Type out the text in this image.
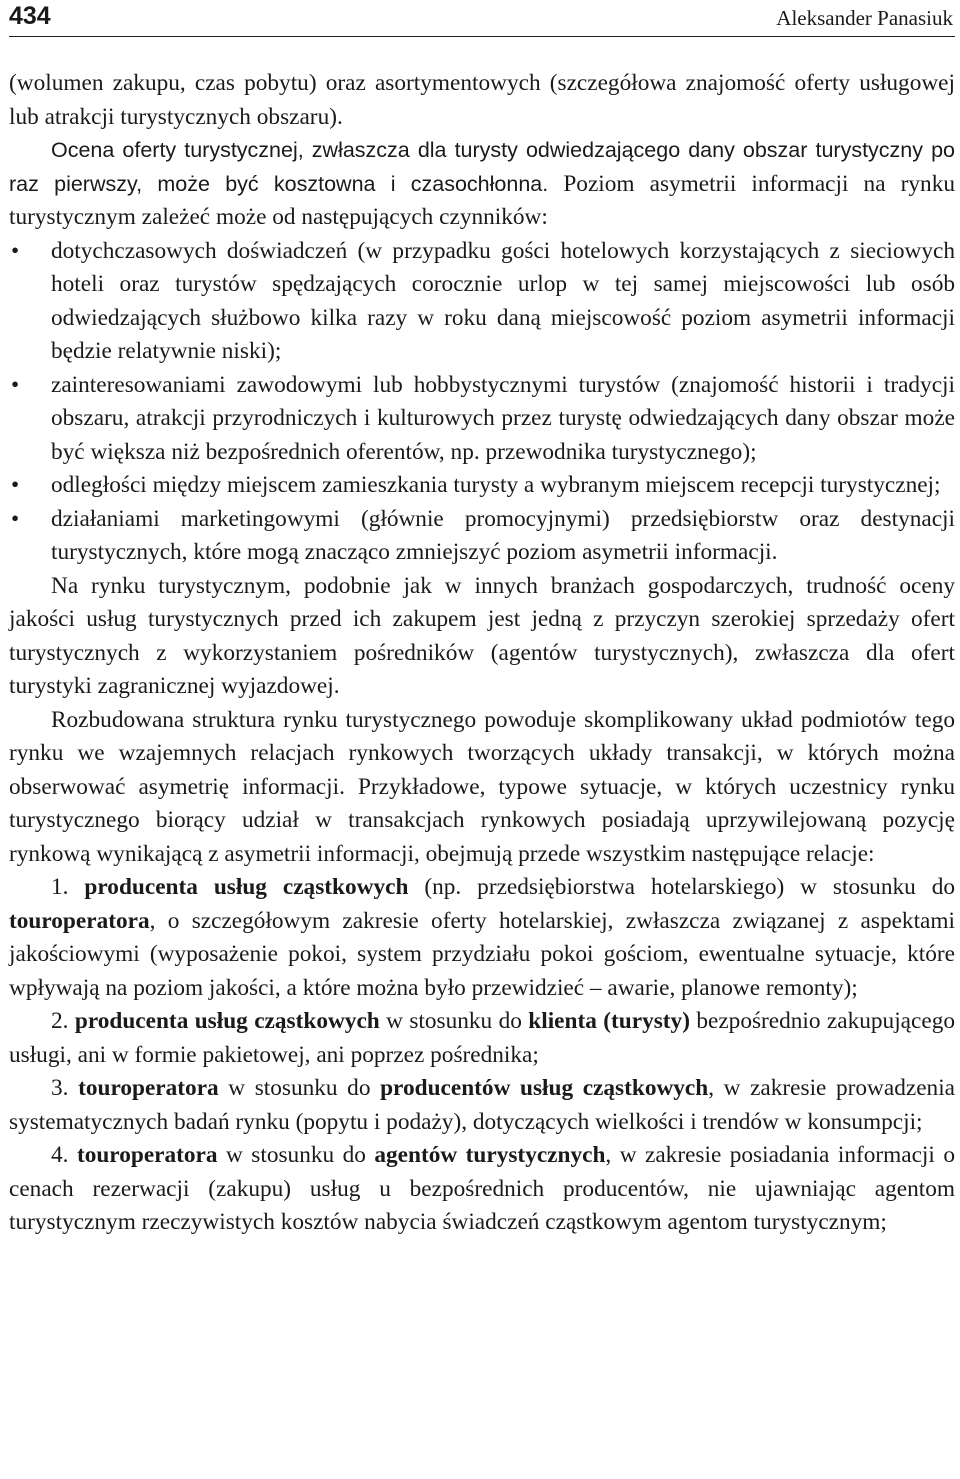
434	Aleksander Panasiuk

(wolumen zakupu, czas pobytu) oraz asortymentowych (szczegółowa znajomość oferty usługowej lub atrakcji turystycznych obszaru).

Ocena oferty turystycznej, zwłaszcza dla turysty odwiedzającego dany obszar turystyczny po raz pierwszy, może być kosztowna i czasochłonna. Poziom asymetrii informacji na rynku turystycznym zależeć może od następujących czynników:

• dotychczasowych doświadczeń (w przypadku gości hotelowych korzystających z sieciowych hoteli oraz turystów spędzających corocznie urlop w tej samej miejscowości lub osób odwiedzających służbowo kilka razy w roku daną miejscowość poziom asymetrii informacji będzie relatywnie niski);
• zainteresowaniami zawodowymi lub hobbystycznymi turystów (znajomość historii i tradycji obszaru, atrakcji przyrodniczych i kulturowych przez turystę odwiedzających dany obszar może być większa niż bezpośrednich oferentów, np. przewodnika turystycznego);
• odległości między miejscem zamieszkania turysty a wybranym miejscem recepcji turystycznej;
• działaniami marketingowymi (głównie promocyjnymi) przedsiębiorstw oraz destynacji turystycznych, które mogą znacząco zmniejszyć poziom asymetrii informacji.

Na rynku turystycznym, podobnie jak w innych branżach gospodarczych, trudność oceny jakości usług turystycznych przed ich zakupem jest jedną z przyczyn szerokiej sprzedaży ofert turystycznych z wykorzystaniem pośredników (agentów turystycznych), zwłaszcza dla ofert turystyki zagranicznej wyjazdowej.

Rozbudowana struktura rynku turystycznego powoduje skomplikowany układ podmiotów tego rynku we wzajemnych relacjach rynkowych tworzących układy transakcji, w których można obserwować asymetrię informacji. Przykładowe, typowe sytuacje, w których uczestnicy rynku turystycznego biorący udział w transakcjach rynkowych posiadają uprzywilejowaną pozycję rynkową wynikającą z asymetrii informacji, obejmują przede wszystkim następujące relacje:

1. producenta usług cząstkowych (np. przedsiębiorstwa hotelarskiego) w stosunku do touroperatora, o szczegółowym zakresie oferty hotelarskiej, zwłaszcza związanej z aspektami jakościowymi (wyposażenie pokoi, system przydziału pokoi gościom, ewentualne sytuacje, które wpływają na poziom jakości, a które można było przewidzieć – awarie, planowe remonty);

2. producenta usług cząstkowych w stosunku do klienta (turysty) bezpośrednio zakupującego usługi, ani w formie pakietowej, ani poprzez pośrednika;

3. touroperatora w stosunku do producentów usług cząstkowych, w zakresie prowadzenia systematycznych badań rynku (popytu i podaży), dotyczących wielkości i trendów w konsumpcji;

4. touroperatora w stosunku do agentów turystycznych, w zakresie posiadania informacji o cenach rezerwacji (zakupu) usług u bezpośrednich producentów, nie ujawniając agentom turystycznym rzeczywistych kosztów nabycia świadczeń cząstkowym agentom turystycznym;
